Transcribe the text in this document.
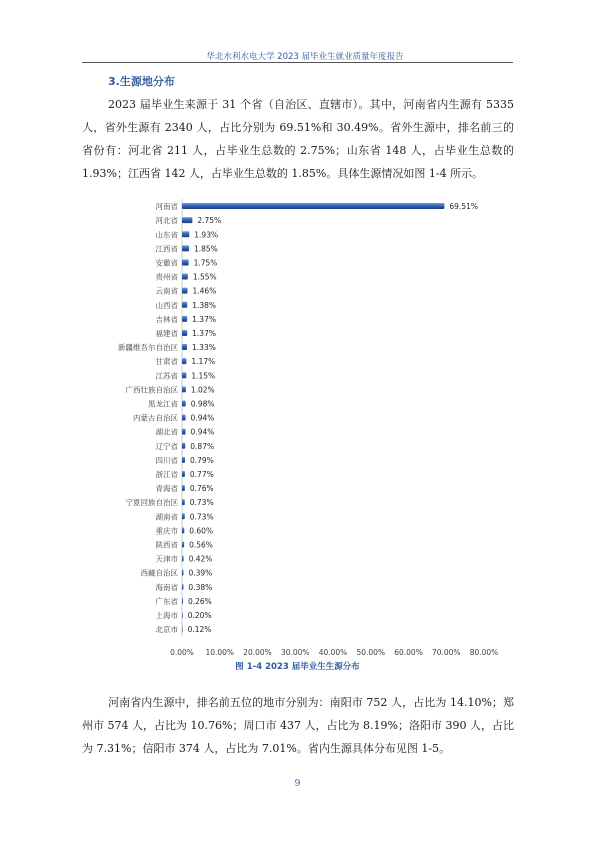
华北水利水电大学 2023 届毕业生就业质量年度报告
3.生源地分布

2023 届毕业生来源于 31 个省（自治区、直辖市）。其中，河南省内生源有 5335 人，省外生源有 2340 人，占比分别为 69.51%和 30.49%。省外生源中，排名前三的省份有：河北省 211 人，占毕业生总数的 2.75%；山东省 148 人，占毕业生总数的 1.93%；江西省 142 人，占毕业生总数的 1.85%。具体生源情况如图 1-4 所示。

河南省
河北省
山东省
江西省
安徽省
贵州省
云南省
山西省
吉林省
福建省
新疆维吾尔自治区
甘肃省
江苏省
广西壮族自治区
黑龙江省
内蒙古自治区
湖北省
辽宁省
四川省
浙江省
青海省
宁夏回族自治区
湖南省
重庆市
陕西省
天津市
西藏自治区
海南省
广东省
上海市
北京市
69.51%
2.75%
1.93%
1.85%
1.75%
1.55%
1.46%
1.38%
1.37%
1.37%
1.33%
1.17%
1.15%
1.02%
0.98%
0.94%
0.94%
0.87%
0.79%
0.77%
0.76%
0.73%
0.73%
0.60%
0.56%
0.42%
0.39%
0.38%
0.26%
0.20%
0.12%
0.00% 10.00% 20.00% 30.00% 40.00% 50.00% 60.00% 70.00% 80.00%
图 1-4 2023 届毕业生生源分布

河南省内生源中，排名前五位的地市分别为：南阳市 752 人，占比为 14.10%；郑州市 574 人，占比为 10.76%；周口市 437 人，占比为 8.19%；洛阳市 390 人，占比为 7.31%；信阳市 374 人，占比为 7.01%。省内生源具体分布见图 1-5。

9
